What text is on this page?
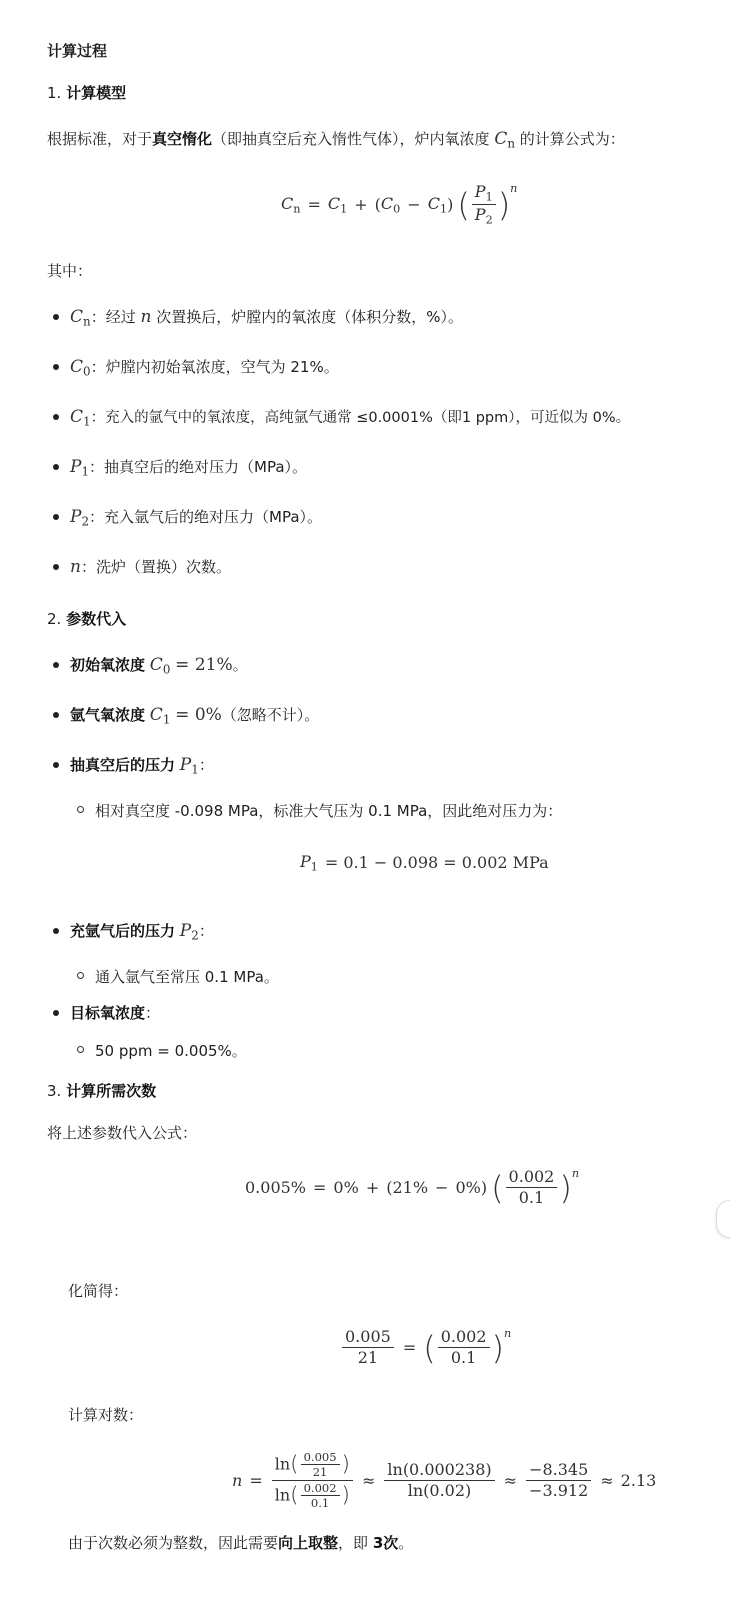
计算过程
1. 计算模型
根据标准，对于真空惰化（即抽真空后充入惰性气体），炉内氧浓度 $C_n$ 的计算公式为：
$C_n = C_1$ + ( $C_0 - C_1$ ) ( $\frac{P_1}{P_2} )^n$
其中：
$C_n$：经过 n 次置换后，炉膛内的氧浓度（体积分数，%）。
$C_0$：炉膛内初始氧浓度，空气为 21%。
$C_1$：充入的氩气中的氧浓度，高纯氩气通常 ≤0.0001%（即1 ppm），可近似为 0%。
$P_1$：抽真空后的绝对压力（MPa）。
$P_2$：充入氩气后的绝对压力（MPa）。
n：洗炉（置换）次数。
2. 参数代入
初始氧浓度 $C_0 = 21\%$。
氩气氧浓度 $C_1 = 0\%$（忽略不计）。
抽真空后的压力 $P_1$：
相对真空度 -0.098 MPa，标准大气压为 0.1 MPa，因此绝对压力为：
$P_1 = 0.1 - 0.098 = 0.002$ MPa
充氩气后的压力 $P_2$：
通入氩气至常压 0.1 MPa。
目标氧浓度：
50 ppm = 0.005%。
3. 计算所需次数
将上述参数代入公式：
0.005% = 0% + (21% − 0%) ( $\frac{0.002}{0.1} )^n$
化简得：
$\frac{0.005}{21}$ = ( $\frac{0.002}{0.1} )^n$
计算对数：
$n = \frac{\ln( \frac{0.005}{21} )}{\ln( \frac{0.002}{0.1} )} \approx \frac{\ln(0.000238)}{\ln(0.02)} \approx \frac{-8.345}{-3.912} \approx 2.13$
由于次数必须为整数，因此需要向上取整，即 3次。
